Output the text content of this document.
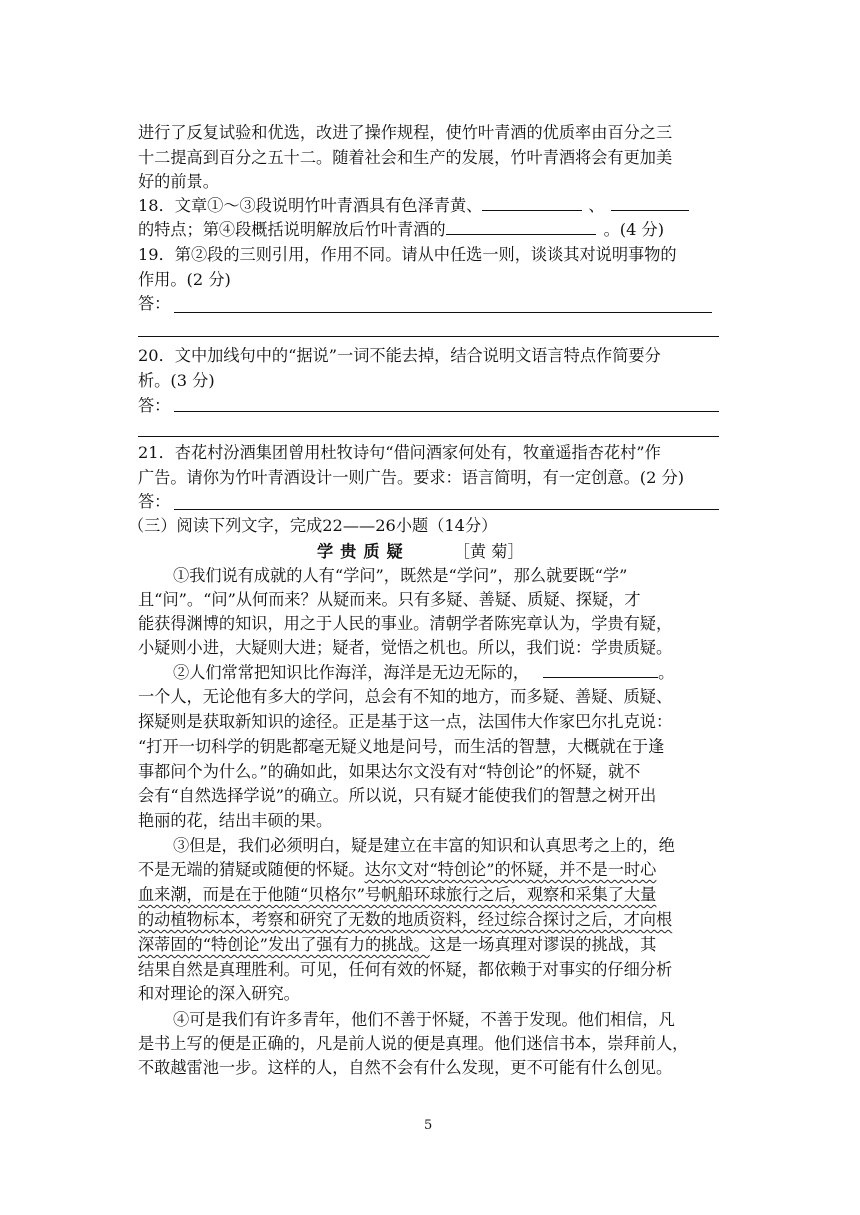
进行了反复试验和优选，改进了操作规程，使竹叶青酒的优质率由百分之三
十二提高到百分之五十二。随着社会和生产的发展，竹叶青酒将会有更加美
好的前景。
18．文章①～③段说明竹叶青酒具有色泽青黄、	、
的特点；第④段概括说明解放后竹叶青酒的	。(4 分)
19．第②段的三则引用，作用不同。请从中任选一则，谈谈其对说明事物的
作用。(2 分)
答：
20．文中加线句中的“据说”一词不能去掉，结合说明文语言特点作简要分
析。(3 分)
答：
21．杏花村汾酒集团曾用杜牧诗句“借问酒家何处有，牧童遥指杏花村”作
广告。请你为竹叶青酒设计一则广告。要求：语言简明，有一定创意。(2 分)
答：
（三）阅读下列文字，完成22——26小题（14分）
学贵质疑	［黄 菊］
①我们说有成就的人有“学问”，既然是“学问”，那么就要既“学”
且“问”。“问”从何而来？从疑而来。只有多疑、善疑、质疑、探疑，才
能获得渊博的知识，用之于人民的事业。清朝学者陈宪章认为，学贵有疑，
小疑则小进，大疑则大进；疑者，觉悟之机也。所以，我们说：学贵质疑。
②人们常常把知识比作海洋，海洋是无边无际的，	。
一个人，无论他有多大的学问，总会有不知的地方，而多疑、善疑、质疑、
探疑则是获取新知识的途径。正是基于这一点，法国伟大作家巴尔扎克说：
“打开一切科学的钥匙都毫无疑义地是问号，而生活的智慧，大概就在于逢
事都问个为什么。”的确如此，如果达尔文没有对“特创论”的怀疑，就不
会有“自然选择学说”的确立。所以说，只有疑才能使我们的智慧之树开出
艳丽的花，结出丰硕的果。
③但是，我们必须明白，疑是建立在丰富的知识和认真思考之上的，绝
不是无端的猜疑或随便的怀疑。达尔文对“特创论”的怀疑，并不是一时心
血来潮，而是在于他随“贝格尔”号帆船环球旅行之后，观察和采集了大量
的动植物标本，考察和研究了无数的地质资料，经过综合探讨之后，才向根
深蒂固的“特创论”发出了强有力的挑战。这是一场真理对谬误的挑战，其
结果自然是真理胜利。可见，任何有效的怀疑，都依赖于对事实的仔细分析
和对理论的深入研究。
④可是我们有许多青年，他们不善于怀疑，不善于发现。他们相信，凡
是书上写的便是正确的，凡是前人说的便是真理。他们迷信书本，崇拜前人，
不敢越雷池一步。这样的人，自然不会有什么发现，更不可能有什么创见。
5
